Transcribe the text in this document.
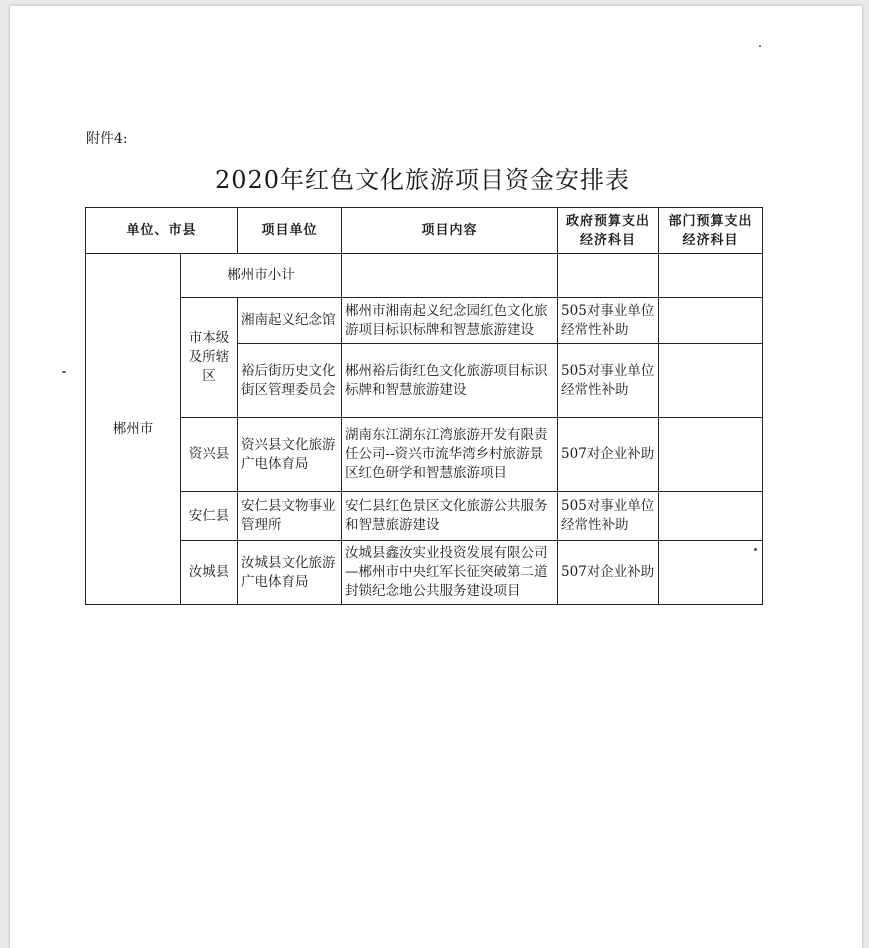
附件4:
2020年红色文化旅游项目资金安排表
单位、市县		项目单位	项目内容	政府预算支出经济科目	部门预算支出经济科目
郴州市	郴州市小计				
	市本级及所辖区	湘南起义纪念馆	郴州市湘南起义纪念园红色文化旅游项目标识标牌和智慧旅游建设	505对事业单位经常性补助	
		裕后街历史文化街区管理委员会	郴州裕后街红色文化旅游项目标识标牌和智慧旅游建设	505对事业单位经常性补助	
	资兴县	资兴县文化旅游广电体育局	湖南东江湖东江湾旅游开发有限责任公司--资兴市流华湾乡村旅游景区红色研学和智慧旅游项目	507对企业补助	
	安仁县	安仁县文物事业管理所	安仁县红色景区文化旅游公共服务和智慧旅游建设	505对事业单位经常性补助	
	汝城县	汝城县文化旅游广电体育局	汝城县鑫汝实业投资发展有限公司—郴州市中央红军长征突破第二道封锁纪念地公共服务建设项目	507对企业补助	
